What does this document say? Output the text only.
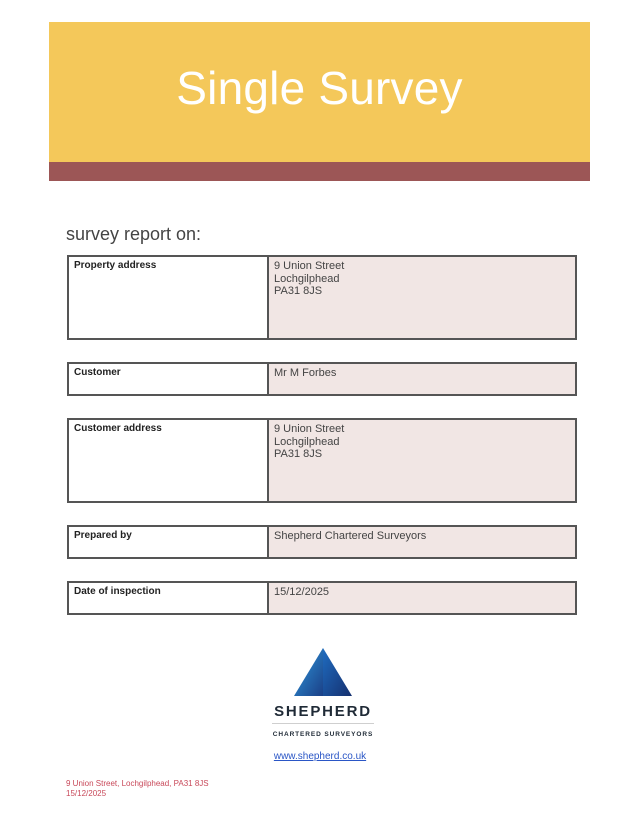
Single Survey
survey report on:
Property address	9 Union Street
Lochgilphead
PA31 8JS
Customer	Mr M Forbes
Customer address	9 Union Street
Lochgilphead
PA31 8JS
Prepared by	Shepherd Chartered Surveyors
Date of inspection	15/12/2025
SHEPHERD
CHARTERED SURVEYORS
www.shepherd.co.uk
9 Union Street, Lochgilphead, PA31 8JS
15/12/2025
